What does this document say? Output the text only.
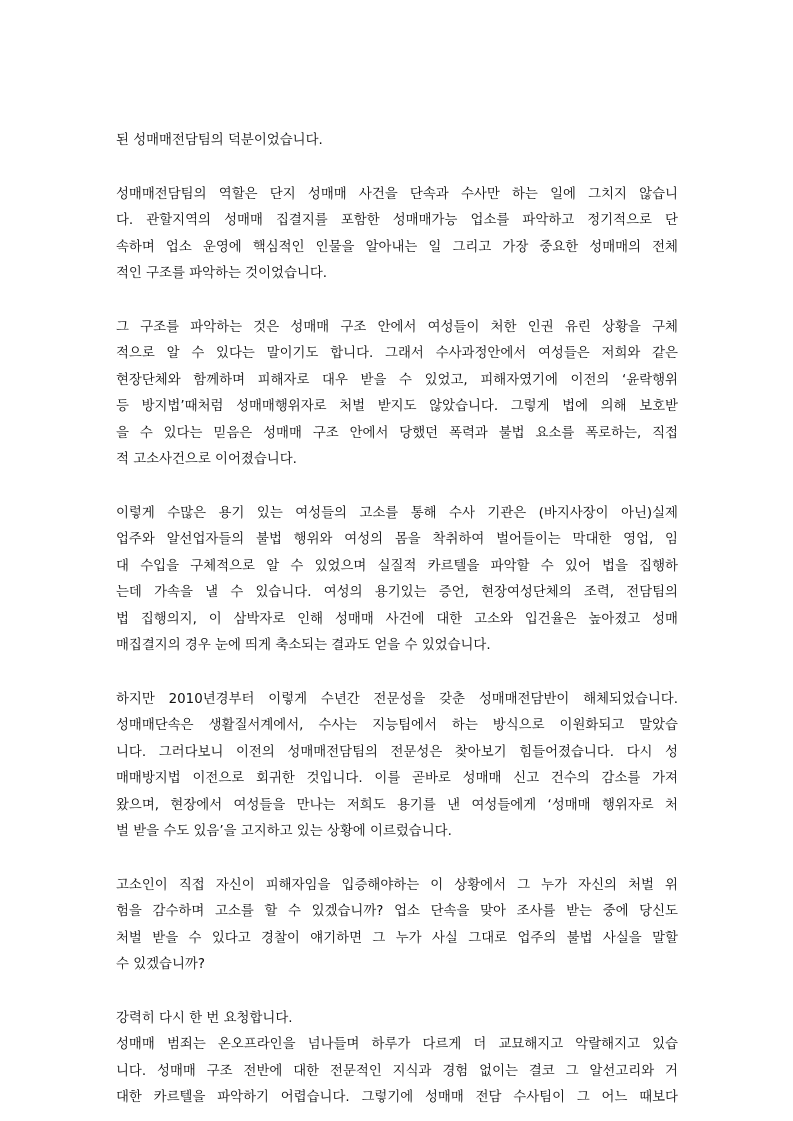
된 성매매전담팀의 덕분이었습니다.
성매매전담팀의 역할은 단지 성매매 사건을 단속과 수사만 하는 일에 그치지 않습니
다. 관할지역의 성매매 집결지를 포함한 성매매가능 업소를 파악하고 정기적으로 단
속하며 업소 운영에 핵심적인 인물을 알아내는 일 그리고 가장 중요한 성매매의 전체
적인 구조를 파악하는 것이었습니다.
그 구조를 파악하는 것은 성매매 구조 안에서 여성들이 처한 인권 유린 상황을 구체
적으로 알 수 있다는 말이기도 합니다. 그래서 수사과정안에서 여성들은 저희와 같은
현장단체와 함께하며 피해자로 대우 받을 수 있었고, 피해자였기에 이전의 ‘윤락행위
등 방지법’때처럼 성매매행위자로 처벌 받지도 않았습니다. 그렇게 법에 의해 보호받
을 수 있다는 믿음은 성매매 구조 안에서 당했던 폭력과 불법 요소를 폭로하는, 직접
적 고소사건으로 이어졌습니다.
이렇게 수많은 용기 있는 여성들의 고소를 통해 수사 기관은 (바지사장이 아닌)실제
업주와 알선업자들의 불법 행위와 여성의 몸을 착취하여 벌어들이는 막대한 영업, 임
대 수입을 구체적으로 알 수 있었으며 실질적 카르텔을 파악할 수 있어 법을 집행하
는데 가속을 낼 수 있습니다. 여성의 용기있는 증언, 현장여성단체의 조력, 전담팀의
법 집행의지, 이 삼박자로 인해 성매매 사건에 대한 고소와 입건율은 높아졌고 성매
매집결지의 경우 눈에 띄게 축소되는 결과도 얻을 수 있었습니다.
하지만 2010년경부터 이렇게 수년간 전문성을 갖춘 성매매전담반이 해체되었습니다.
성매매단속은 생활질서계에서, 수사는 지능팀에서 하는 방식으로 이원화되고 말았습
니다. 그러다보니 이전의 성매매전담팀의 전문성은 찾아보기 힘들어졌습니다. 다시 성
매매방지법 이전으로 회귀한 것입니다. 이를 곧바로 성매매 신고 건수의 감소를 가져
왔으며, 현장에서 여성들을 만나는 저희도 용기를 낸 여성들에게 ‘성매매 행위자로 처
벌 받을 수도 있음’을 고지하고 있는 상황에 이르렀습니다.
고소인이 직접 자신이 피해자임을 입증해야하는 이 상황에서 그 누가 자신의 처벌 위
험을 감수하며 고소를 할 수 있겠습니까? 업소 단속을 맞아 조사를 받는 중에 당신도
처벌 받을 수 있다고 경찰이 얘기하면 그 누가 사실 그대로 업주의 불법 사실을 말할
수 있겠습니까?
강력히 다시 한 번 요청합니다.
성매매 범죄는 온오프라인을 넘나들며 하루가 다르게 더 교묘해지고 악랄해지고 있습
니다. 성매매 구조 전반에 대한 전문적인 지식과 경험 없이는 결코 그 알선고리와 거
대한 카르텔을 파악하기 어렵습니다. 그렇기에 성매매 전담 수사팀이 그 어느 때보다
